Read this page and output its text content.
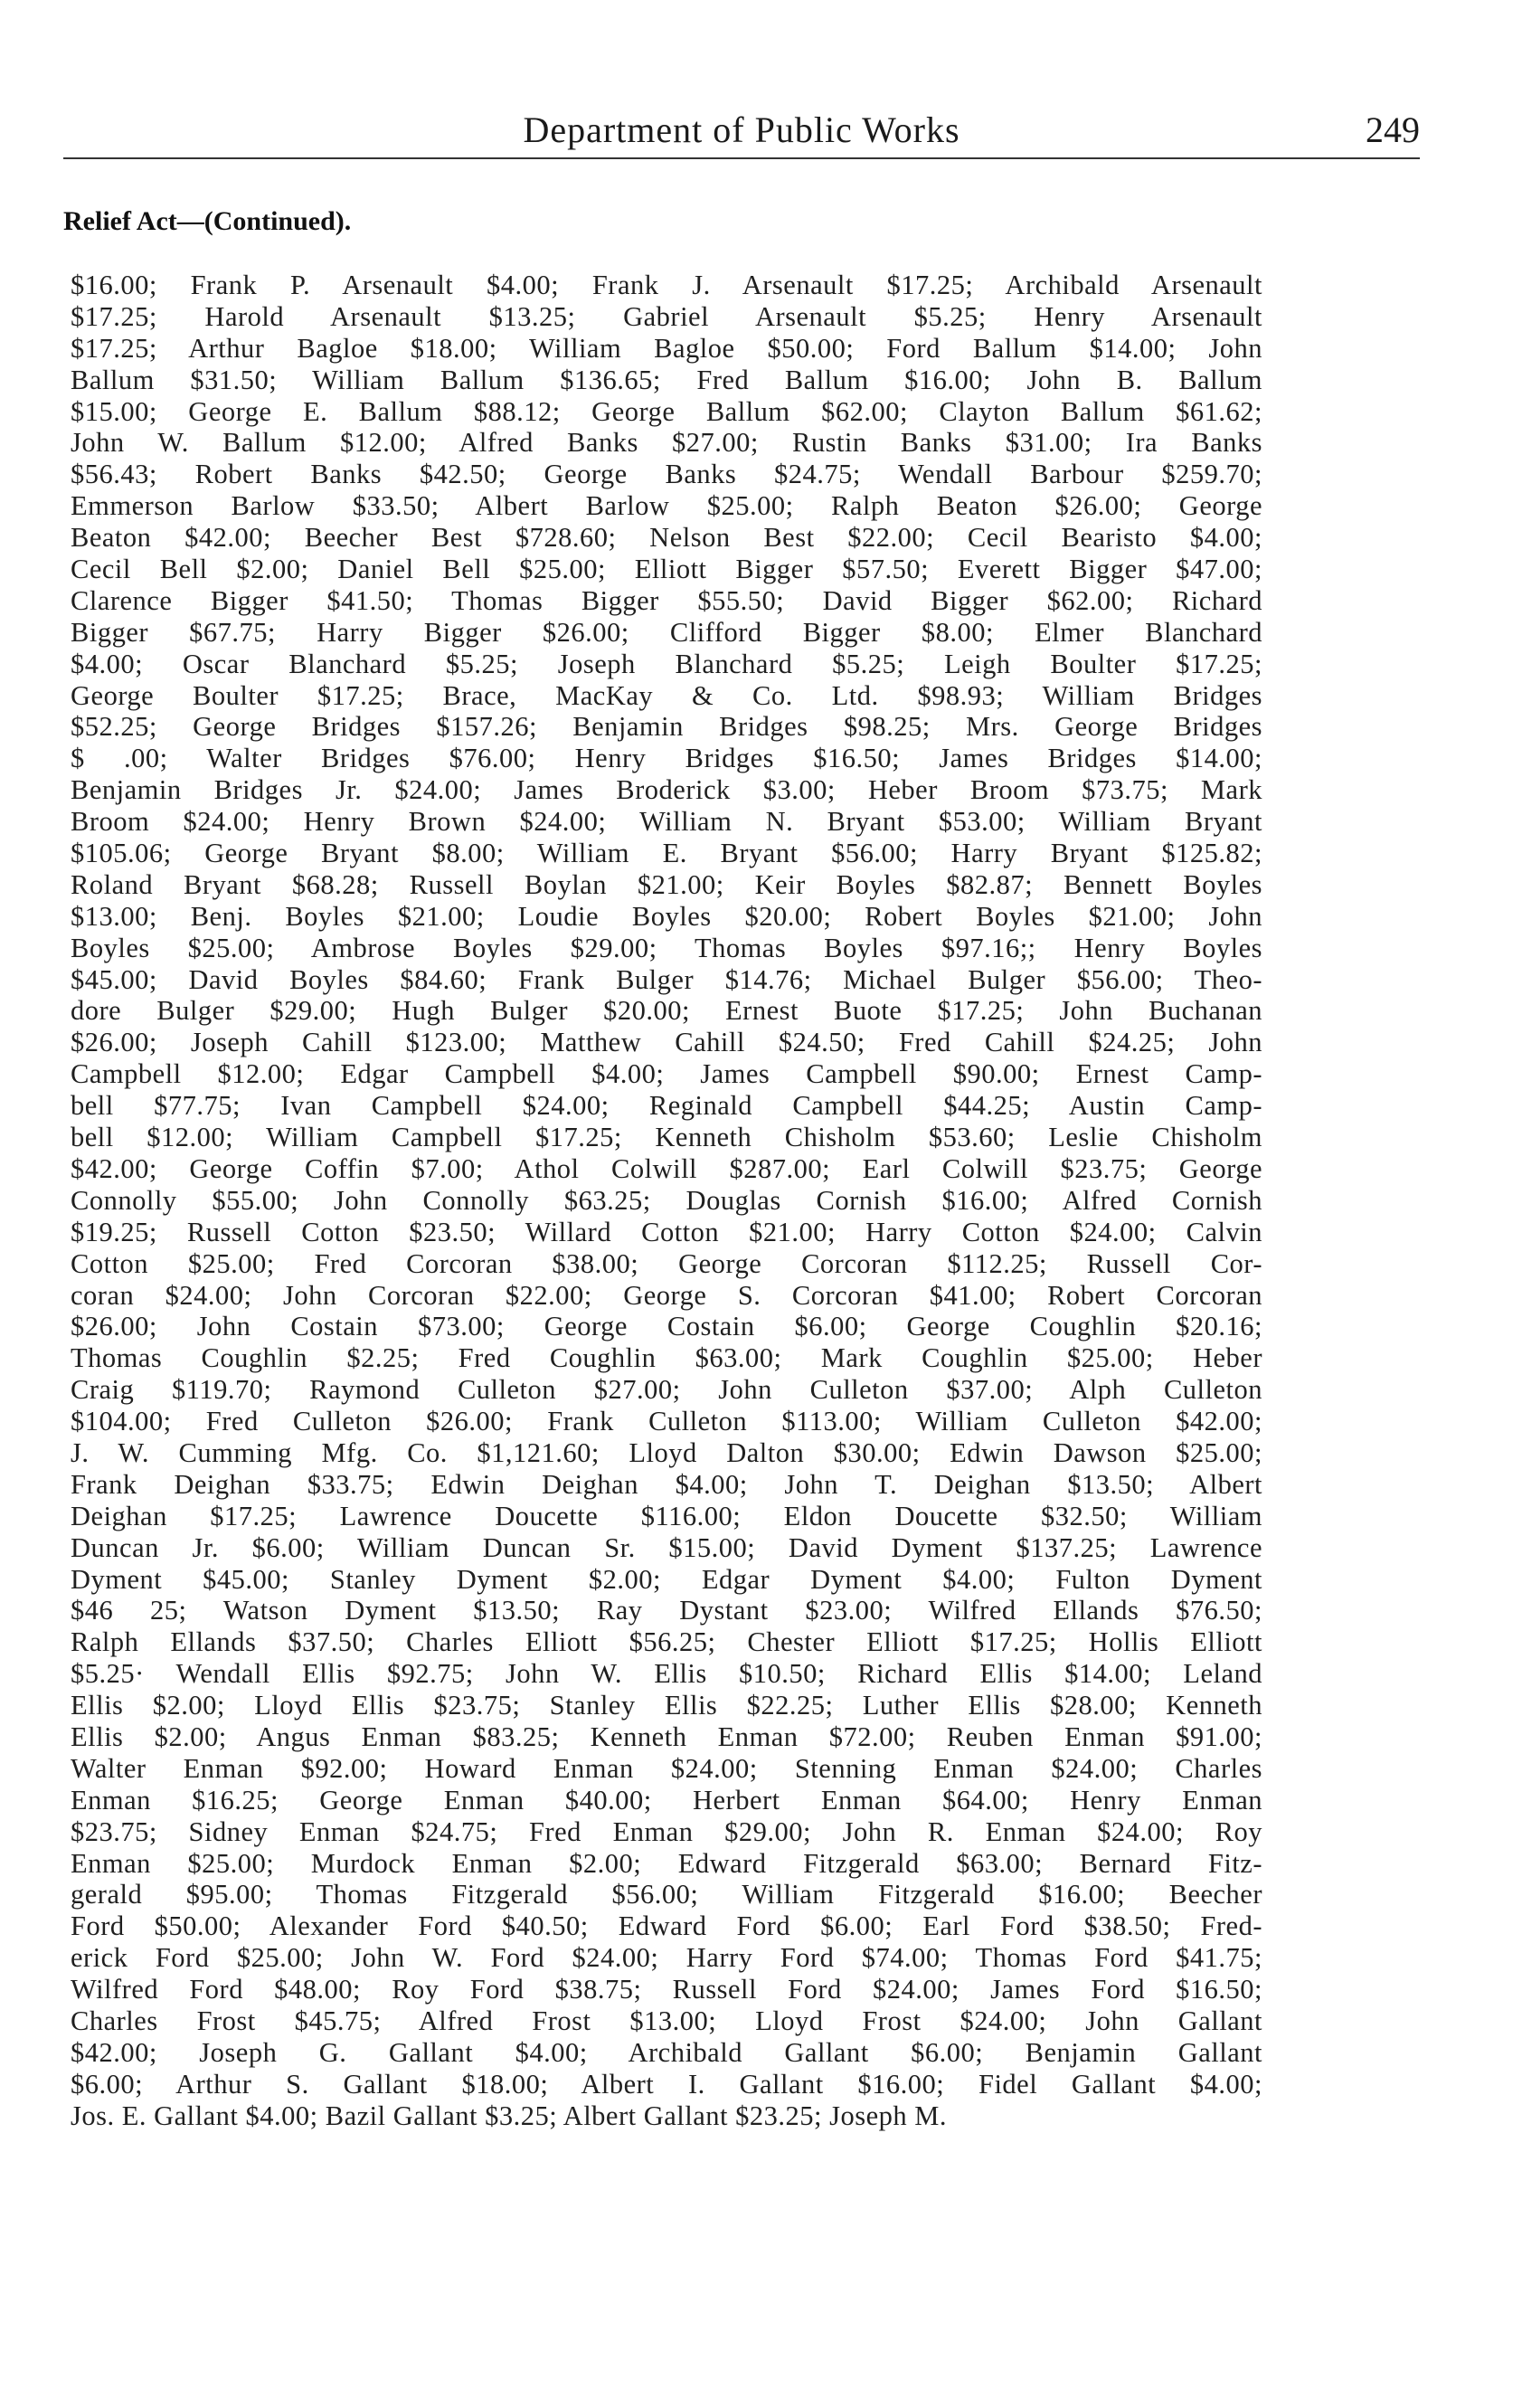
Department of Public Works	249
Relief Act—(Continued).
$16.00; Frank P. Arsenault $4.00; Frank J. Arsenault $17.25; Archibald Arsenault
$17.25; Harold Arsenault $13.25; Gabriel Arsenault $5.25; Henry Arsenault
$17.25; Arthur Bagloe $18.00; William Bagloe $50.00; Ford Ballum $14.00; John
Ballum $31.50; William Ballum $136.65; Fred Ballum $16.00; John B. Ballum
$15.00; George E. Ballum $88.12; George Ballum $62.00; Clayton Ballum $61.62;
John W. Ballum $12.00; Alfred Banks $27.00; Rustin Banks $31.00; Ira Banks
$56.43; Robert Banks $42.50; George Banks $24.75; Wendall Barbour $259.70;
Emmerson Barlow $33.50; Albert Barlow $25.00; Ralph Beaton $26.00; George
Beaton $42.00; Beecher Best $728.60; Nelson Best $22.00; Cecil Bearisto $4.00;
Cecil Bell $2.00; Daniel Bell $25.00; Elliott Bigger $57.50; Everett Bigger $47.00;
Clarence Bigger $41.50; Thomas Bigger $55.50; David Bigger $62.00; Richard
Bigger $67.75; Harry Bigger $26.00; Clifford Bigger $8.00; Elmer Blanchard
$4.00; Oscar Blanchard $5.25; Joseph Blanchard $5.25; Leigh Boulter $17.25;
George Boulter $17.25; Brace, MacKay & Co. Ltd. $98.93; William Bridges
$52.25; George Bridges $157.26; Benjamin Bridges $98.25; Mrs. George Bridges
$ .00; Walter Bridges $76.00; Henry Bridges $16.50; James Bridges $14.00;
Benjamin Bridges Jr. $24.00; James Broderick $3.00; Heber Broom $73.75; Mark
Broom $24.00; Henry Brown $24.00; William N. Bryant $53.00; William Bryant
$105.06; George Bryant $8.00; William E. Bryant $56.00; Harry Bryant $125.82;
Roland Bryant $68.28; Russell Boylan $21.00; Keir Boyles $82.87; Bennett Boyles
$13.00; Benj. Boyles $21.00; Loudie Boyles $20.00; Robert Boyles $21.00; John
Boyles $25.00; Ambrose Boyles $29.00; Thomas Boyles $97.16;; Henry Boyles
$45.00; David Boyles $84.60; Frank Bulger $14.76; Michael Bulger $56.00; Theo-
dore Bulger $29.00; Hugh Bulger $20.00; Ernest Buote $17.25; John Buchanan
$26.00; Joseph Cahill $123.00; Matthew Cahill $24.50; Fred Cahill $24.25; John
Campbell $12.00; Edgar Campbell $4.00; James Campbell $90.00; Ernest Camp-
bell $77.75; Ivan Campbell $24.00; Reginald Campbell $44.25; Austin Camp-
bell $12.00; William Campbell $17.25; Kenneth Chisholm $53.60; Leslie Chisholm
$42.00; George Coffin $7.00; Athol Colwill $287.00; Earl Colwill $23.75; George
Connolly $55.00; John Connolly $63.25; Douglas Cornish $16.00; Alfred Cornish
$19.25; Russell Cotton $23.50; Willard Cotton $21.00; Harry Cotton $24.00; Calvin
Cotton $25.00; Fred Corcoran $38.00; George Corcoran $112.25; Russell Cor-
coran $24.00; John Corcoran $22.00; George S. Corcoran $41.00; Robert Corcoran
$26.00; John Costain $73.00; George Costain $6.00; George Coughlin $20.16;
Thomas Coughlin $2.25; Fred Coughlin $63.00; Mark Coughlin $25.00; Heber
Craig $119.70; Raymond Culleton $27.00; John Culleton $37.00; Alph Culleton
$104.00; Fred Culleton $26.00; Frank Culleton $113.00; William Culleton $42.00;
J. W. Cumming Mfg. Co. $1,121.60; Lloyd Dalton $30.00; Edwin Dawson $25.00;
Frank Deighan $33.75; Edwin Deighan $4.00; John T. Deighan $13.50; Albert
Deighan $17.25; Lawrence Doucette $116.00; Eldon Doucette $32.50; William
Duncan Jr. $6.00; William Duncan Sr. $15.00; David Dyment $137.25; Lawrence
Dyment $45.00; Stanley Dyment $2.00; Edgar Dyment $4.00; Fulton Dyment
$46 25; Watson Dyment $13.50; Ray Dystant $23.00; Wilfred Ellands $76.50;
Ralph Ellands $37.50; Charles Elliott $56.25; Chester Elliott $17.25; Hollis Elliott
$5.25· Wendall Ellis $92.75; John W. Ellis $10.50; Richard Ellis $14.00; Leland
Ellis $2.00; Lloyd Ellis $23.75; Stanley Ellis $22.25; Luther Ellis $28.00; Kenneth
Ellis $2.00; Angus Enman $83.25; Kenneth Enman $72.00; Reuben Enman $91.00;
Walter Enman $92.00; Howard Enman $24.00; Stenning Enman $24.00; Charles
Enman $16.25; George Enman $40.00; Herbert Enman $64.00; Henry Enman
$23.75; Sidney Enman $24.75; Fred Enman $29.00; John R. Enman $24.00; Roy
Enman $25.00; Murdock Enman $2.00; Edward Fitzgerald $63.00; Bernard Fitz-
gerald $95.00; Thomas Fitzgerald $56.00; William Fitzgerald $16.00; Beecher
Ford $50.00; Alexander Ford $40.50; Edward Ford $6.00; Earl Ford $38.50; Fred-
erick Ford $25.00; John W. Ford $24.00; Harry Ford $74.00; Thomas Ford $41.75;
Wilfred Ford $48.00; Roy Ford $38.75; Russell Ford $24.00; James Ford $16.50;
Charles Frost $45.75; Alfred Frost $13.00; Lloyd Frost $24.00; John Gallant
$42.00; Joseph G. Gallant $4.00; Archibald Gallant $6.00; Benjamin Gallant
$6.00; Arthur S. Gallant $18.00; Albert I. Gallant $16.00; Fidel Gallant $4.00;
Jos. E. Gallant $4.00; Bazil Gallant $3.25; Albert Gallant $23.25; Joseph M.
